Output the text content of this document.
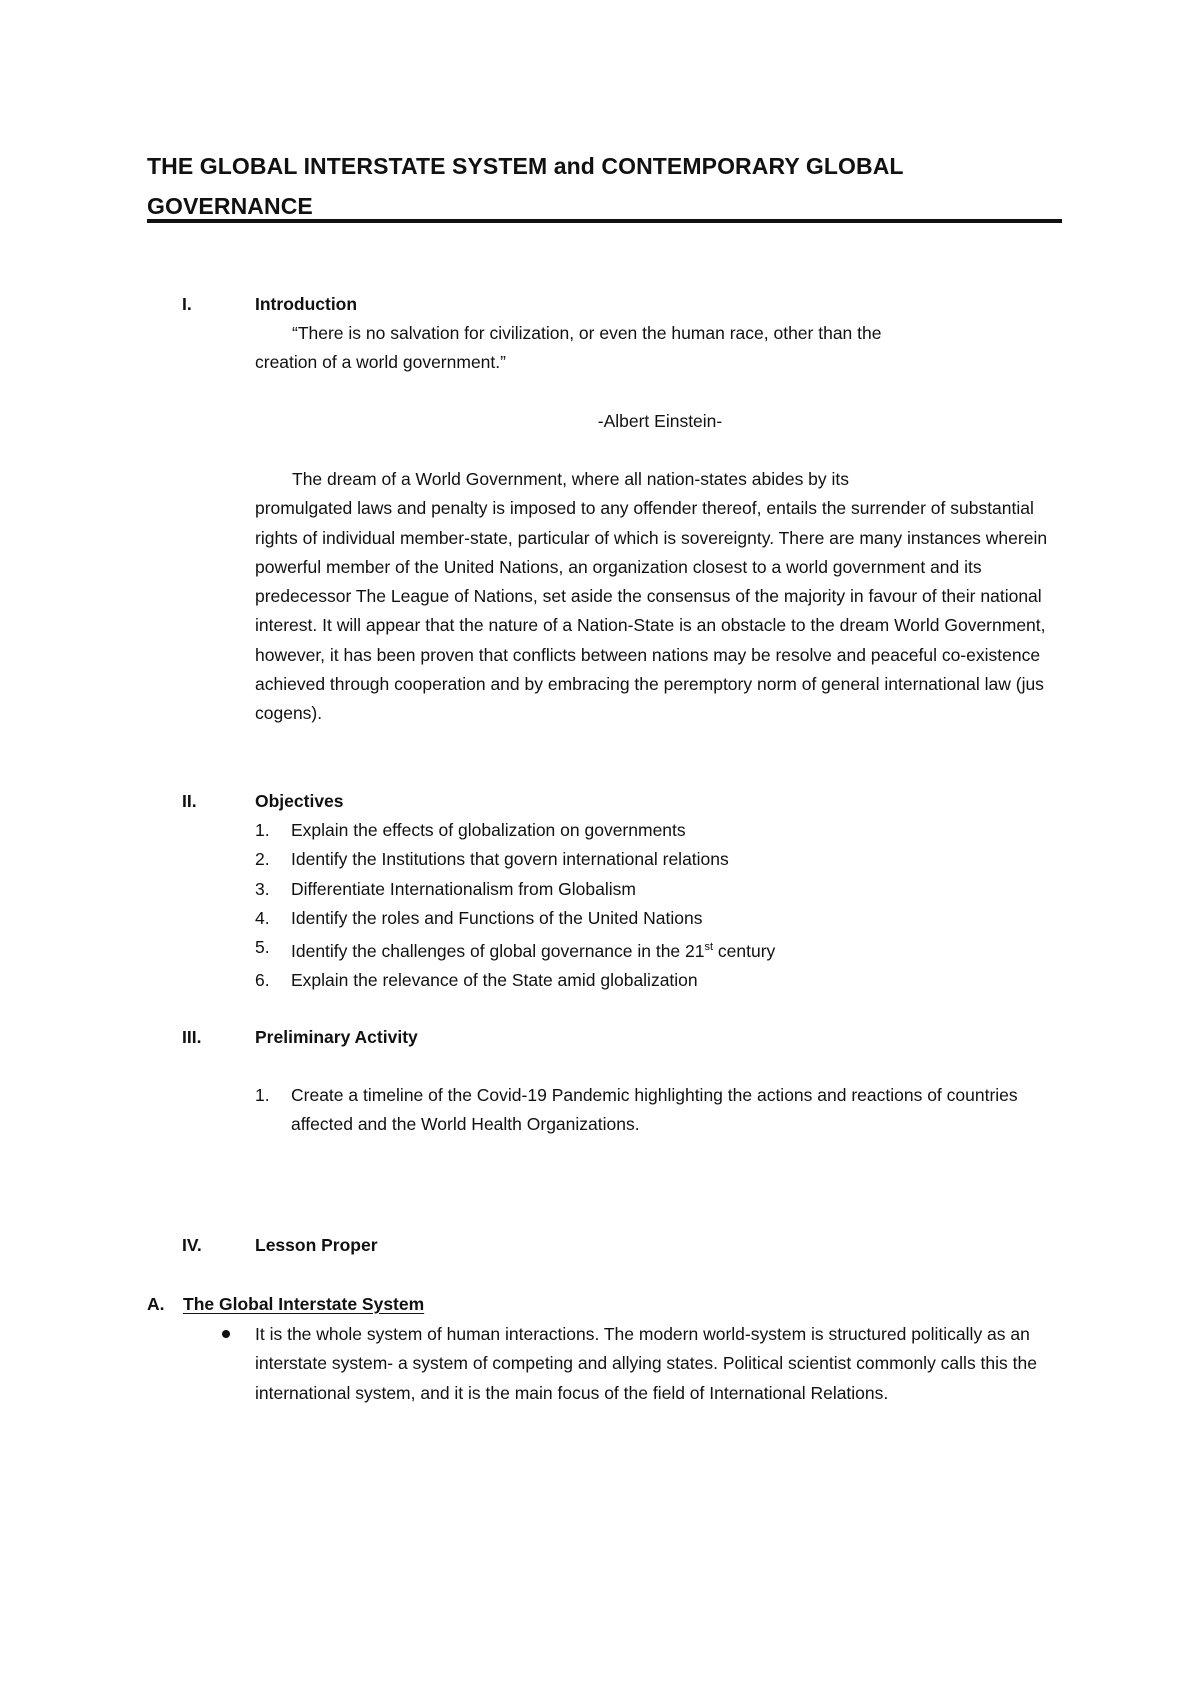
THE GLOBAL INTERSTATE SYSTEM and CONTEMPORARY GLOBAL GOVERNANCE
I.	Introduction
“There is no salvation for civilization, or even the human race, other than the
creation of a world government.”
-Albert Einstein-
The dream of a World Government, where all nation-states abides by its
promulgated laws and penalty is imposed to any offender thereof, entails the surrender of substantial rights of individual member-state, particular of which is sovereignty. There are many instances wherein powerful member of the United Nations, an organization closest to a world government and its predecessor The League of Nations, set aside the consensus of the majority in favour of their national interest. It will appear that the nature of a Nation-State is an obstacle to the dream World Government, however, it has been proven that conflicts between nations may be resolve and peaceful co-existence achieved through cooperation and by embracing the peremptory norm of general international law (jus cogens).
II.	Objectives
1. Explain the effects of globalization on governments
2. Identify the Institutions that govern international relations
3. Differentiate Internationalism from Globalism
4. Identify the roles and Functions of the United Nations
5. Identify the challenges of global governance in the 21st century
6. Explain the relevance of the State amid globalization
III.	Preliminary Activity
1. Create a timeline of the Covid-19 Pandemic highlighting the actions and reactions of countries affected and the World Health Organizations.
IV.	Lesson Proper
A. The Global Interstate System
It is the whole system of human interactions. The modern world-system is structured politically as an interstate system- a system of competing and allying states. Political scientist commonly calls this the international system, and it is the main focus of the field of International Relations.
